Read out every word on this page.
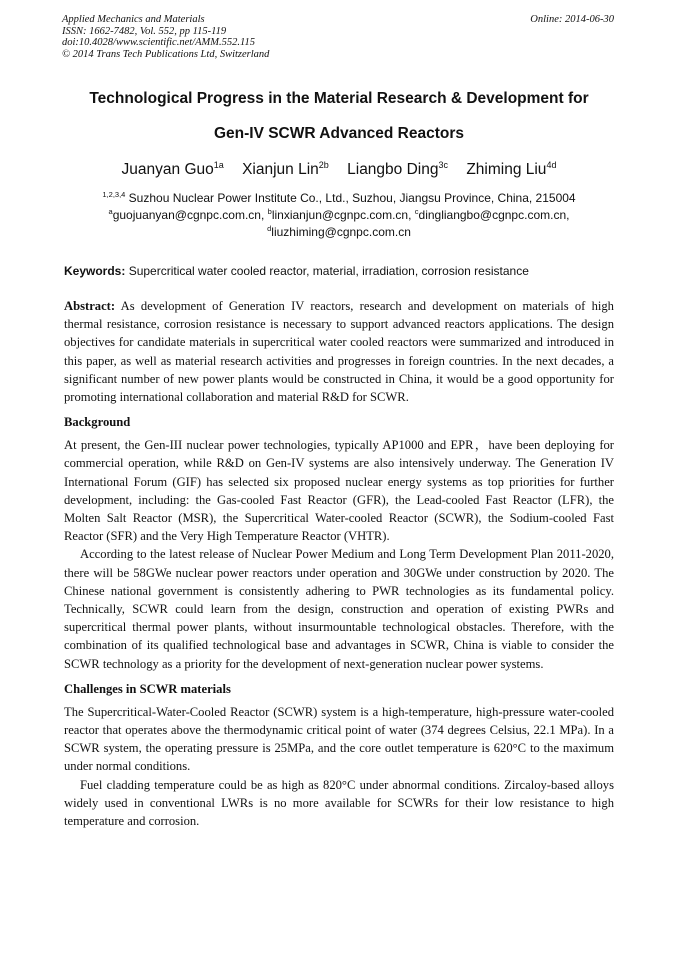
Applied Mechanics and Materials
ISSN: 1662-7482, Vol. 552, pp 115-119
doi:10.4028/www.scientific.net/AMM.552.115
© 2014 Trans Tech Publications Ltd, Switzerland
Online: 2014-06-30
Technological Progress in the Material Research & Development for
Gen-IV SCWR Advanced Reactors
Juanyan Guo$^{1a}$ Xianjun Lin$^{2b}$ Liangbo Ding$^{3c}$ Zhiming Liu$^{4d}$
$^{1,2,3,4}$ Suzhou Nuclear Power Institute Co., Ltd., Suzhou, Jiangsu Province, China, 215004
$^a$guojuanyan@cgnpc.com.cn, $^b$linxianjun@cgnpc.com.cn, $^c$dingliangbo@cgnpc.com.cn,
$^d$liuzhiming@cgnpc.com.cn
Keywords: Supercritical water cooled reactor, material, irradiation, corrosion resistance

Abstract: As development of Generation IV reactors, research and development on materials of high thermal resistance, corrosion resistance is necessary to support advanced reactors applications. The design objectives for candidate materials in supercritical water cooled reactors were summarized and introduced in this paper, as well as material research activities and progresses in foreign countries. In the next decades, a significant number of new power plants would be constructed in China, it would be a good opportunity for promoting international collaboration and material R&D for SCWR.

Background

At present, the Gen-III nuclear power technologies, typically AP1000 and EPR，have been deploying for commercial operation, while R&D on Gen-IV systems are also intensively underway. The Generation IV International Forum (GIF) has selected six proposed nuclear energy systems as top priorities for further development, including: the Gas-cooled Fast Reactor (GFR), the Lead-cooled Fast Reactor (LFR), the Molten Salt Reactor (MSR), the Supercritical Water-cooled Reactor (SCWR), the Sodium-cooled Fast Reactor (SFR) and the Very High Temperature Reactor (VHTR).

According to the latest release of Nuclear Power Medium and Long Term Development Plan 2011-2020, there will be 58GWe nuclear power reactors under operation and 30GWe under construction by 2020. The Chinese national government is consistently adhering to PWR technologies as its fundamental policy. Technically, SCWR could learn from the design, construction and operation of existing PWRs and supercritical thermal power plants, without insurmountable technological obstacles. Therefore, with the combination of its qualified technological base and advantages in SCWR, China is viable to consider the SCWR technology as a priority for the development of next-generation nuclear power systems.

Challenges in SCWR materials

The Supercritical-Water-Cooled Reactor (SCWR) system is a high-temperature, high-pressure water-cooled reactor that operates above the thermodynamic critical point of water (374 degrees Celsius, 22.1 MPa). In a SCWR system, the operating pressure is 25MPa, and the core outlet temperature is 620°C to the maximum under normal conditions.

Fuel cladding temperature could be as high as 820°C under abnormal conditions. Zircaloy-based alloys widely used in conventional LWRs is no more available for SCWRs for their low resistance to high temperature and corrosion.
